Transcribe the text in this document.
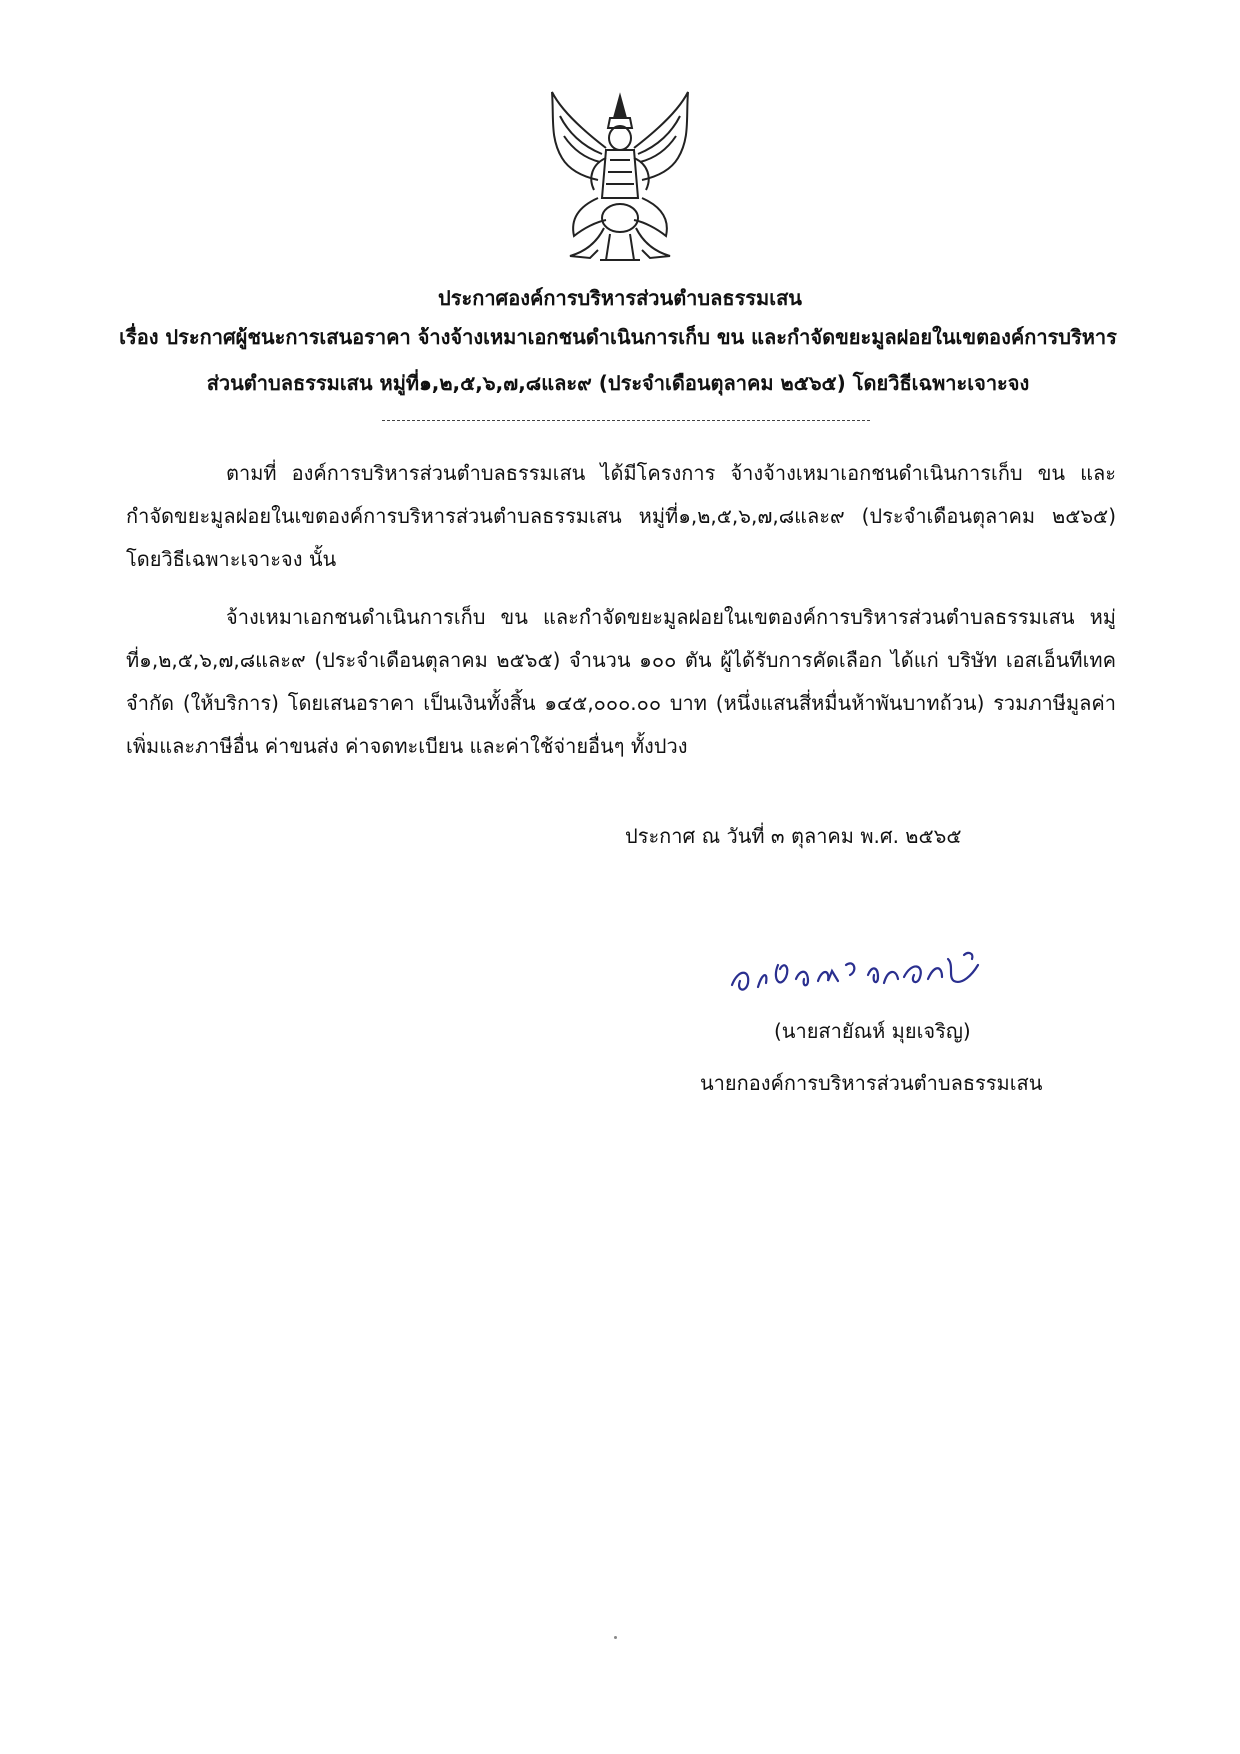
ประกาศองค์การบริหารส่วนตำบลธรรมเสน
เรื่อง ประกาศผู้ชนะการเสนอราคา จ้างจ้างเหมาเอกชนดำเนินการเก็บ ขน และกำจัดขยะมูลฝอยในเขตองค์การบริหารส่วนตำบลธรรมเสน หมู่ที่๑,๒,๕,๖,๗,๘และ๙ (ประจำเดือนตุลาคม ๒๕๖๕) โดยวิธีเฉพาะเจาะจง
ตามที่ องค์การบริหารส่วนตำบลธรรมเสน ได้มีโครงการ จ้างจ้างเหมาเอกชนดำเนินการเก็บ ขน และกำจัดขยะมูลฝอยในเขตองค์การบริหารส่วนตำบลธรรมเสน หมู่ที่๑,๒,๕,๖,๗,๘และ๙ (ประจำเดือนตุลาคม ๒๕๖๕) โดยวิธีเฉพาะเจาะจง นั้น
จ้างเหมาเอกชนดำเนินการเก็บ ขน และกำจัดขยะมูลฝอยในเขตองค์การบริหารส่วนตำบลธรรมเสน หมู่ที่๑,๒,๕,๖,๗,๘และ๙ (ประจำเดือนตุลาคม ๒๕๖๕) จำนวน ๑๐๐ ตัน ผู้ได้รับการคัดเลือก ได้แก่ บริษัท เอสเอ็นทีเทค จำกัด (ให้บริการ) โดยเสนอราคา เป็นเงินทั้งสิ้น ๑๔๕,๐๐๐.๐๐ บาท (หนึ่งแสนสี่หมื่นห้าพันบาทถ้วน) รวมภาษีมูลค่าเพิ่มและภาษีอื่น ค่าขนส่ง ค่าจดทะเบียน และค่าใช้จ่ายอื่นๆ ทั้งปวง
ประกาศ ณ วันที่ ๓ ตุลาคม พ.ศ. ๒๕๖๕
(นายสายัณห์ มุยเจริญ)
นายกองค์การบริหารส่วนตำบลธรรมเสน
